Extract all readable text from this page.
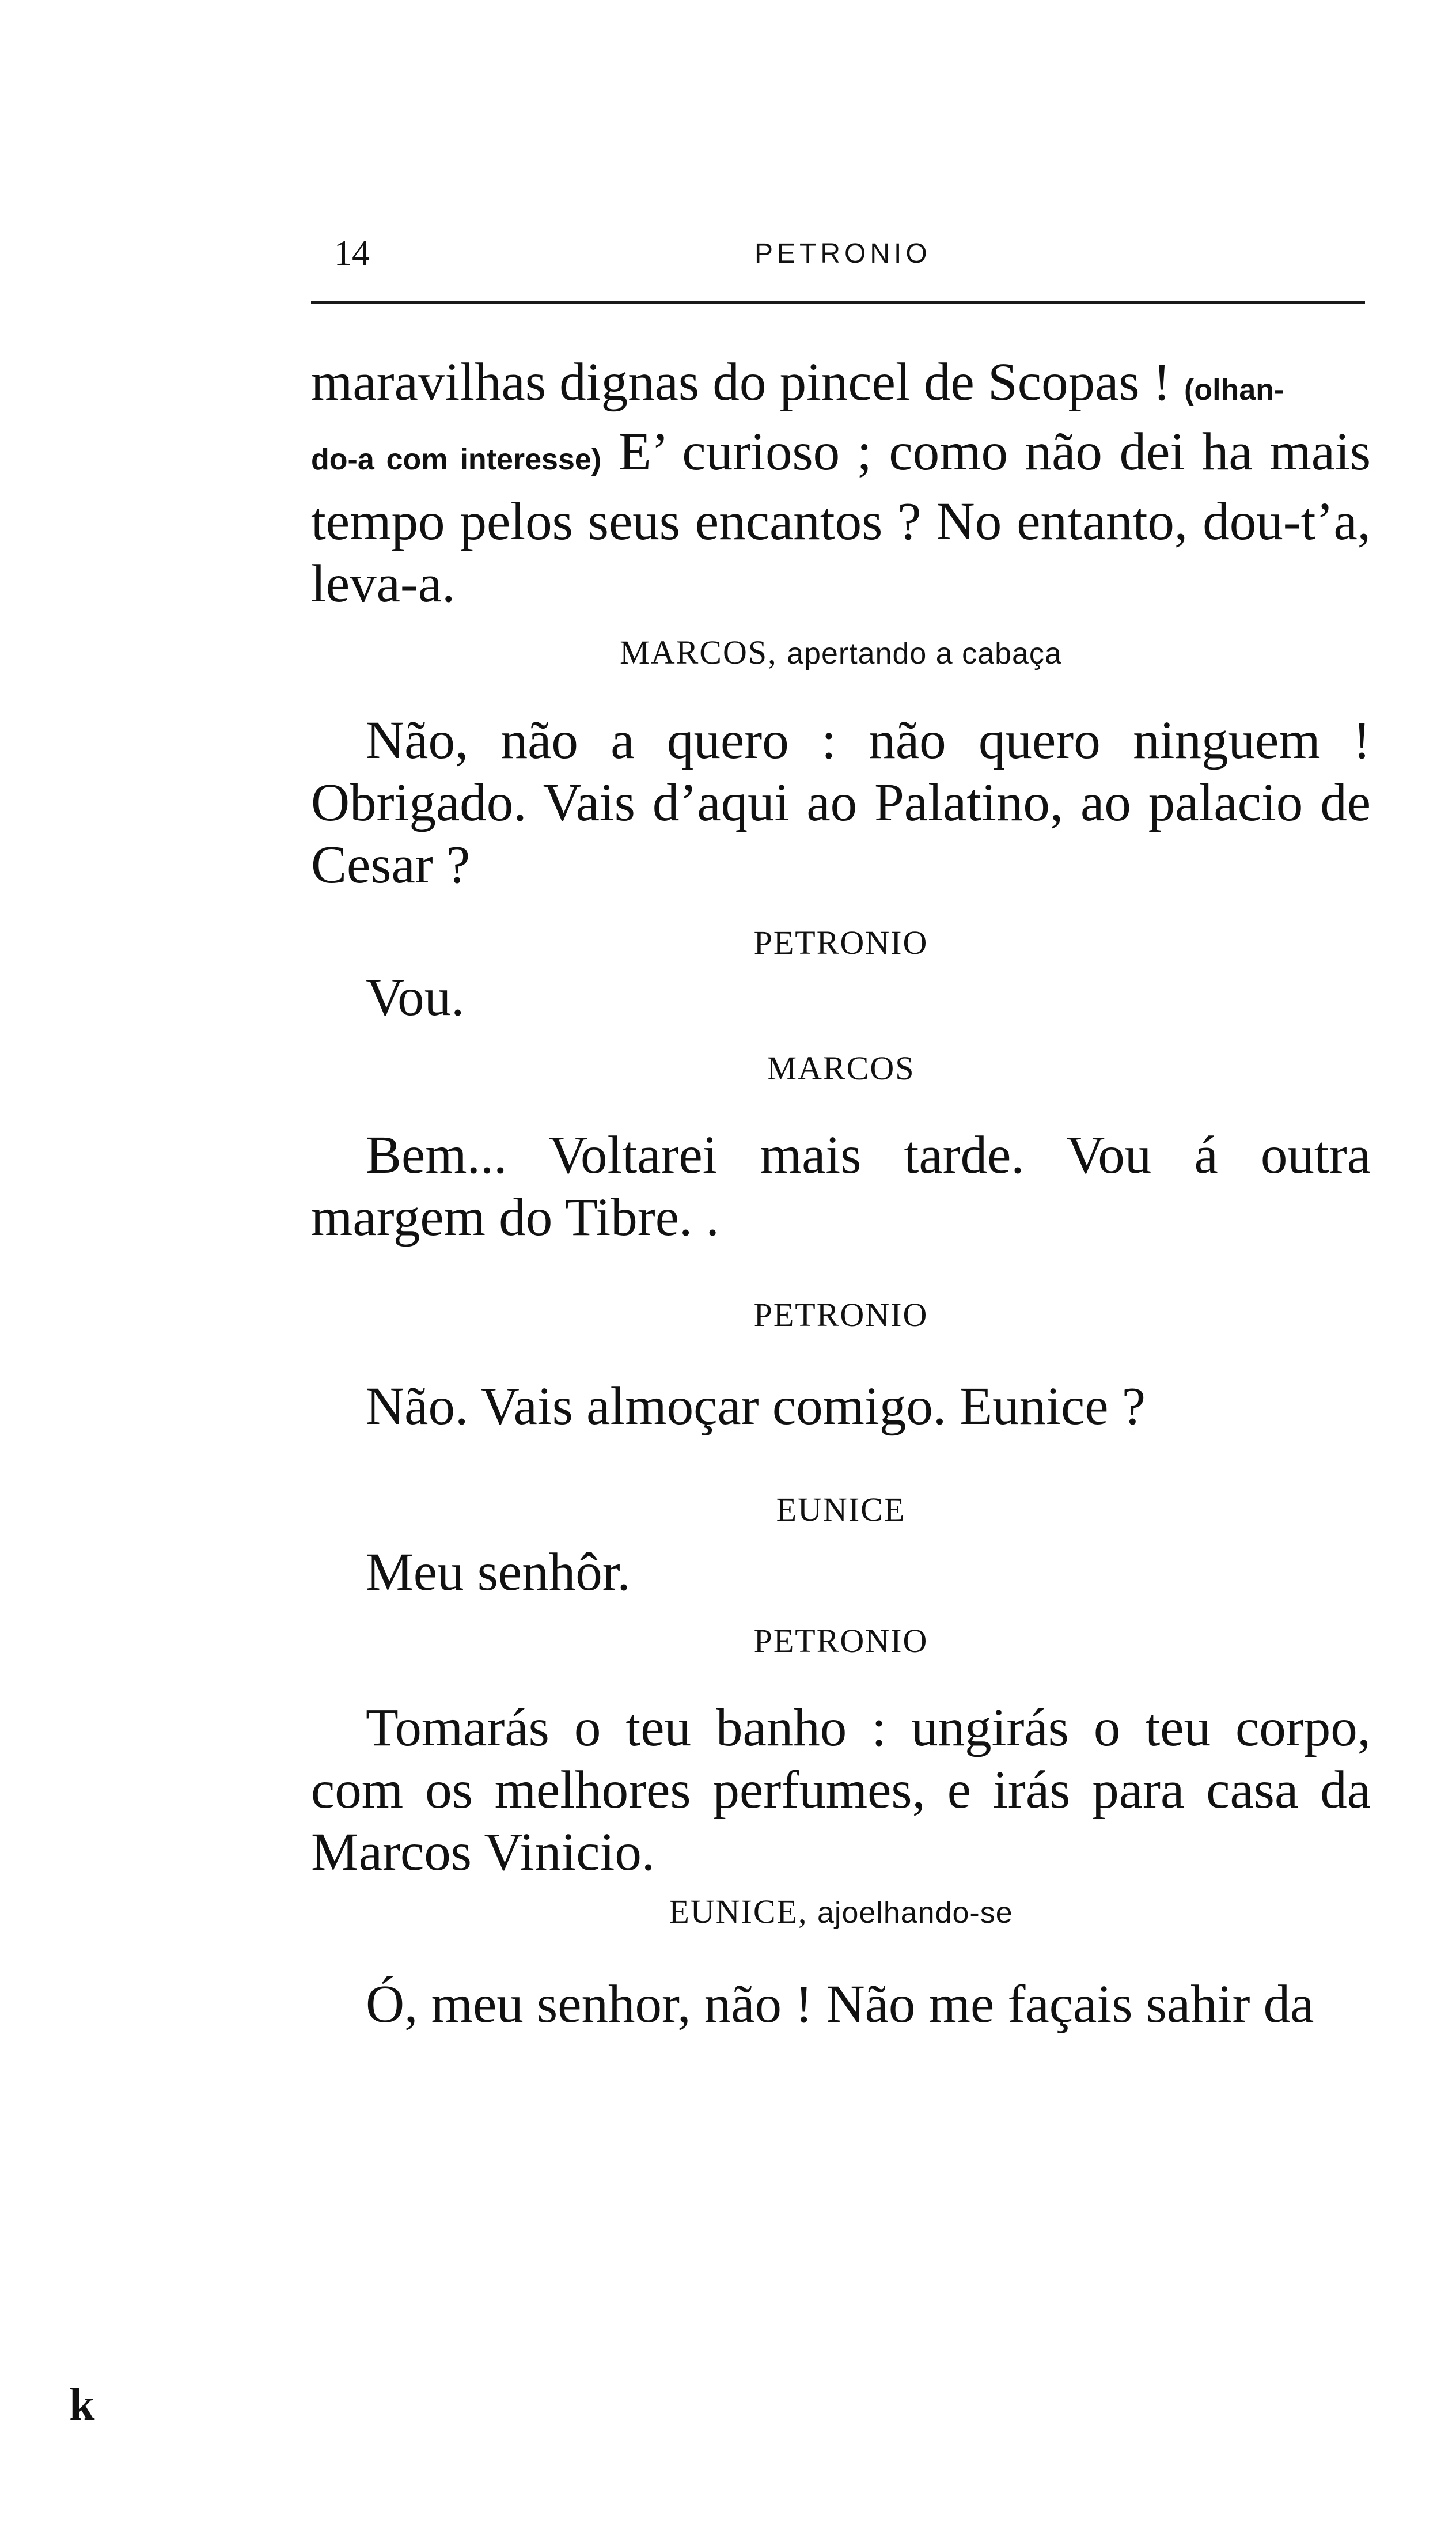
14	PETRONIO

maravilhas dignas do pincel de Scopas ! (olhan-
do-a com interesse) E’ curioso ; como não dei ha mais tempo pelos seus encantos ? No entanto, dou-t’a, leva-a.

MARCOS, apertando a cabaça

Não, não a quero : não quero ninguem ! Obrigado. Vais d’aqui ao Palatino, ao palacio de Cesar ?

PETRONIO

Vou.

MARCOS

Bem... Voltarei mais tarde. Vou á outra margem do Tibre. .

PETRONIO

Não. Vais almoçar comigo. Eunice ?

EUNICE

Meu senhôr.

PETRONIO

Tomarás o teu banho : ungirás o teu corpo, com os melhores perfumes, e irás para casa da Marcos Vinicio.

EUNICE, ajoelhando-se

Ó, meu senhor, não ! Não me façais sahir da

k
